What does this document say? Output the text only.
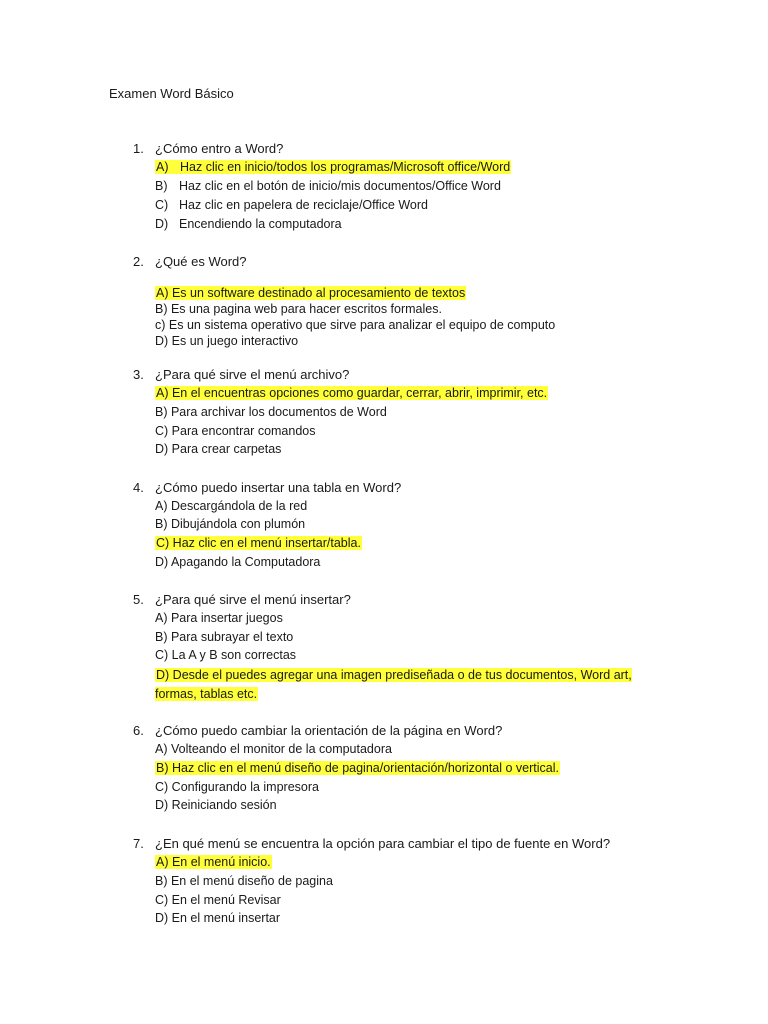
Examen Word Básico
1. ¿Cómo entro a Word?
A) Haz clic en inicio/todos los programas/Microsoft office/Word
B) Haz clic en el botón de inicio/mis documentos/Office Word
C) Haz clic en papelera de reciclaje/Office Word
D) Encendiendo la computadora
2. ¿Qué es Word?
A) Es un software destinado al procesamiento de textos
B) Es una pagina web para hacer escritos formales.
c) Es un sistema operativo que sirve para analizar el equipo de computo
D) Es un juego interactivo
3. ¿Para qué sirve el menú archivo?
A) En el encuentras opciones como guardar, cerrar, abrir, imprimir, etc.
B) Para archivar los documentos de Word
C) Para encontrar comandos
D) Para crear carpetas
4. ¿Cómo puedo insertar una tabla en Word?
A) Descargándola de la red
B) Dibujándola con plumón
C) Haz clic en el menú insertar/tabla.
D) Apagando la Computadora
5. ¿Para qué sirve el menú insertar?
A) Para insertar juegos
B) Para subrayar el texto
C) La A y B son correctas
D) Desde el puedes agregar una imagen prediseñada o de tus documentos, Word art, formas, tablas etc.
6. ¿Cómo puedo cambiar la orientación de la página en Word?
A) Volteando el monitor de la computadora
B) Haz clic en el menú diseño de pagina/orientación/horizontal o vertical.
C) Configurando la impresora
D) Reiniciando sesión
7. ¿En qué menú se encuentra la opción para cambiar el tipo de fuente en Word?
A) En el menú inicio.
B) En el menú diseño de pagina
C) En el menú Revisar
D) En el menú insertar
